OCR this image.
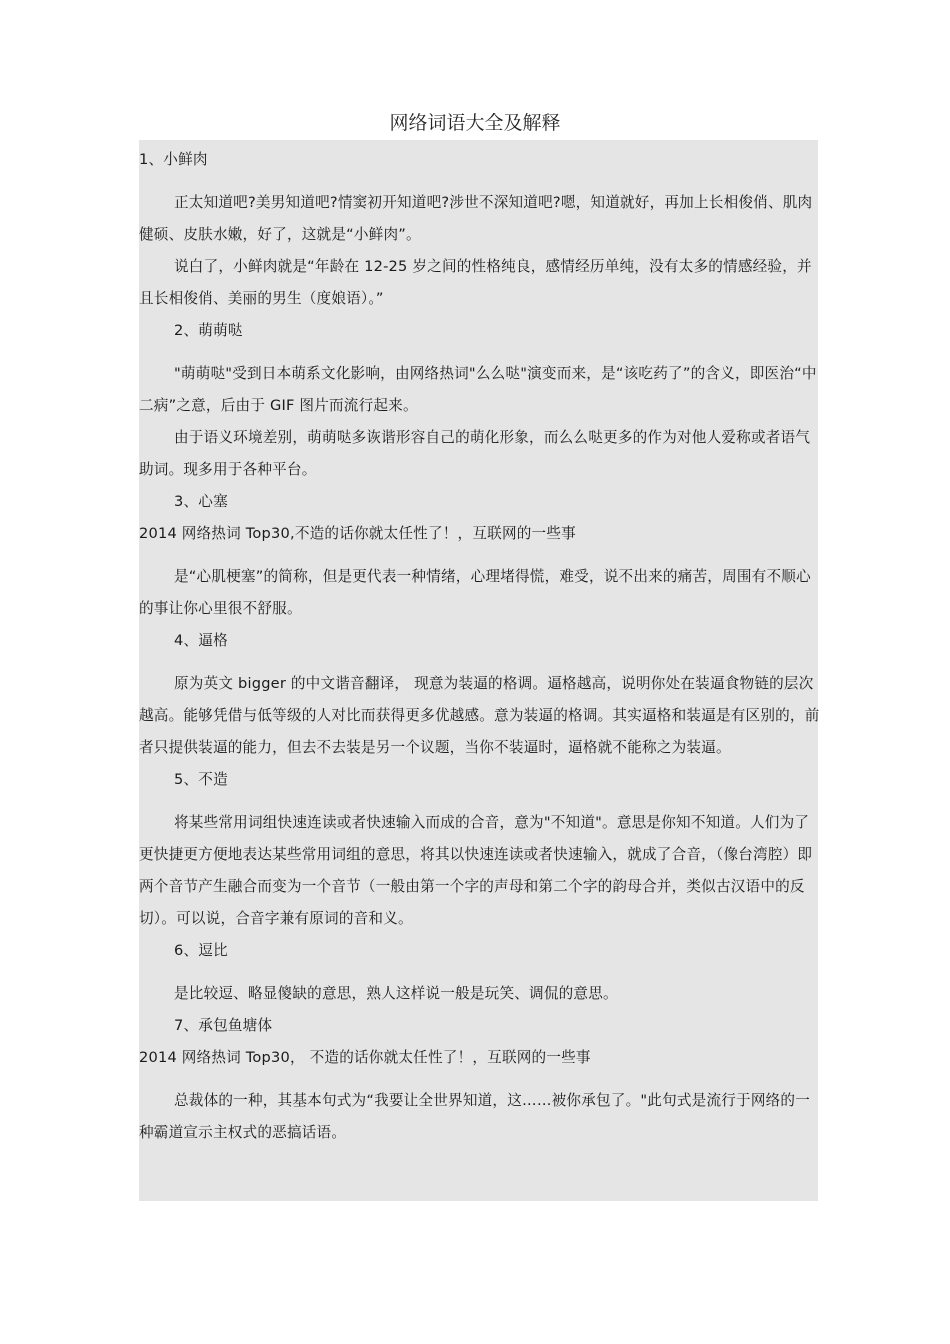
网络词语大全及解释

1、小鲜肉

正太知道吧?美男知道吧?情窦初开知道吧?涉世不深知道吧?嗯，知道就好，再加上长相俊俏、肌肉健硕、皮肤水嫩，好了，这就是“小鲜肉”。

说白了，小鲜肉就是“年龄在 12-25 岁之间的性格纯良，感情经历单纯，没有太多的情感经验，并且长相俊俏、美丽的男生（度娘语）。”

2、萌萌哒

"萌萌哒"受到日本萌系文化影响，由网络热词"么么哒"演变而来，是“该吃药了”的含义，即医治“中二病”之意，后由于 GIF 图片而流行起来。

由于语义环境差别，萌萌哒多诙谐形容自己的萌化形象，而么么哒更多的作为对他人爱称或者语气助词。现多用于各种平台。

3、心塞

2014 网络热词 Top30,不造的话你就太任性了！，互联网的一些事

是“心肌梗塞”的简称，但是更代表一种情绪，心理堵得慌，难受，说不出来的痛苦，周围有不顺心的事让你心里很不舒服。

4、逼格

原为英文 bigger 的中文谐音翻译， 现意为装逼的格调。逼格越高，说明你处在装逼食物链的层次越高。能够凭借与低等级的人对比而获得更多优越感。意为装逼的格调。其实逼格和装逼是有区别的，前者只提供装逼的能力，但去不去装是另一个议题，当你不装逼时，逼格就不能称之为装逼。

5、不造

将某些常用词组快速连读或者快速输入而成的合音，意为"不知道"。意思是你知不知道。人们为了更快捷更方便地表达某些常用词组的意思，将其以快速连读或者快速输入，就成了合音，（像台湾腔）即两个音节产生融合而变为一个音节（一般由第一个字的声母和第二个字的韵母合并，类似古汉语中的反切）。可以说，合音字兼有原词的音和义。

6、逗比

是比较逗、略显傻缺的意思，熟人这样说一般是玩笑、调侃的意思。

7、承包鱼塘体

2014 网络热词 Top30， 不造的话你就太任性了！，互联网的一些事

总裁体的一种，其基本句式为“我要让全世界知道，这……被你承包了。"此句式是流行于网络的一种霸道宣示主权式的恶搞话语。
